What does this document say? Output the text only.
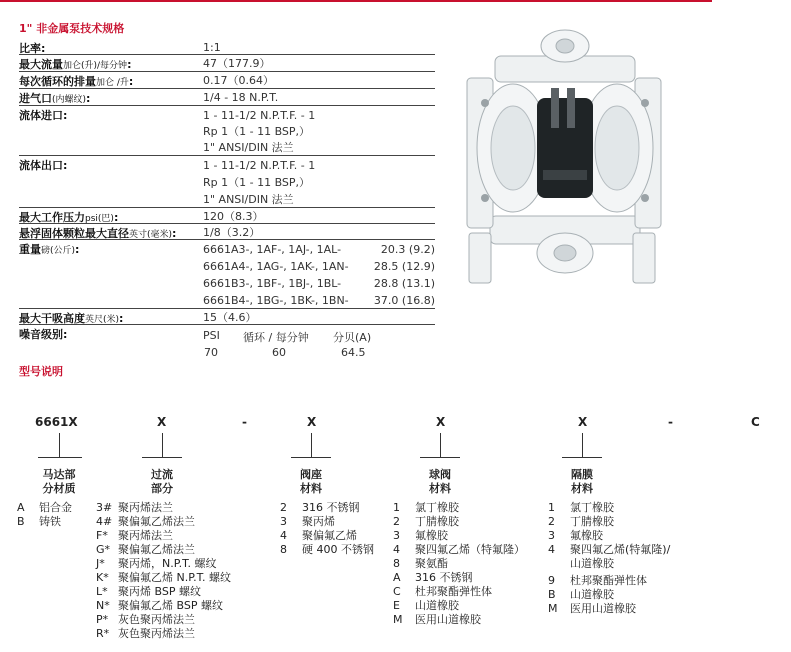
1" 非金属泵技术规格
比率:	1:1
最大流量加仑(升)/每分钟:	47（177.9）
每次循环的排量加仑 /升:	0.17（0.64）
进气口(内螺纹):	1/4 - 18 N.P.T.
流体进口:	1 - 11-1/2 N.P.T.F. - 1
Rp 1（1 - 11 BSP,）
1" ANSI/DIN 法兰
流体出口:	1 - 11-1/2 N.P.T.F. - 1
Rp 1（1 - 11 BSP,）
1" ANSI/DIN 法兰
最大工作压力psi(巴):	120（8.3）
悬浮固体颗粒最大直径英寸(毫米): 1/8（3.2）
重量磅(公斤):	6661A3-, 1AF-, 1AJ-, 1AL-	20.3 (9.2)
6661A4-, 1AG-, 1AK-, 1AN- 28.5 (12.9)
6661B3-, 1BF-, 1BJ-, 1BL-	28.8 (13.1)
6661B4-, 1BG-, 1BK-, 1BN- 37.0 (16.8)
最大干吸高度英尺(米):	15（4.6）
噪音级别:	PSI 循环 / 每分钟 分贝(A)
70	60	64.5
型号说明
6661X	X	-	X	X	X	-	C
马达部
分材质
过流
部分
阀座
材料
球阀
材料
隔膜
材料
A 铝合金
B 铸铁
3# 聚丙烯法兰
4# 聚偏氟乙烯法兰
F* 聚丙烯法兰
G* 聚偏氟乙烯法兰
J* 聚丙烯，N.P.T. 螺纹
K* 聚偏氟乙烯 N.P.T. 螺纹
L* 聚丙烯 BSP 螺纹
N* 聚偏氟乙烯 BSP 螺纹
P* 灰色聚丙烯法兰
R* 灰色聚丙烯法兰
2 316 不锈钢
3 聚丙烯
4 聚偏氟乙烯
8 硬 400 不锈钢
1 氯丁橡胶
2 丁腈橡胶
3 氟橡胶
4 聚四氟乙烯（特氟隆）
8 聚氨酯
A 316 不锈钢
C 杜邦聚酯弹性体
E 山道橡胶
M 医用山道橡胶
1 氯丁橡胶
2 丁腈橡胶
3 氟橡胶
4 聚四氟乙烯(特氟隆)/
山道橡胶
9 杜邦聚酯弹性体
B 山道橡胶
M 医用山道橡胶
